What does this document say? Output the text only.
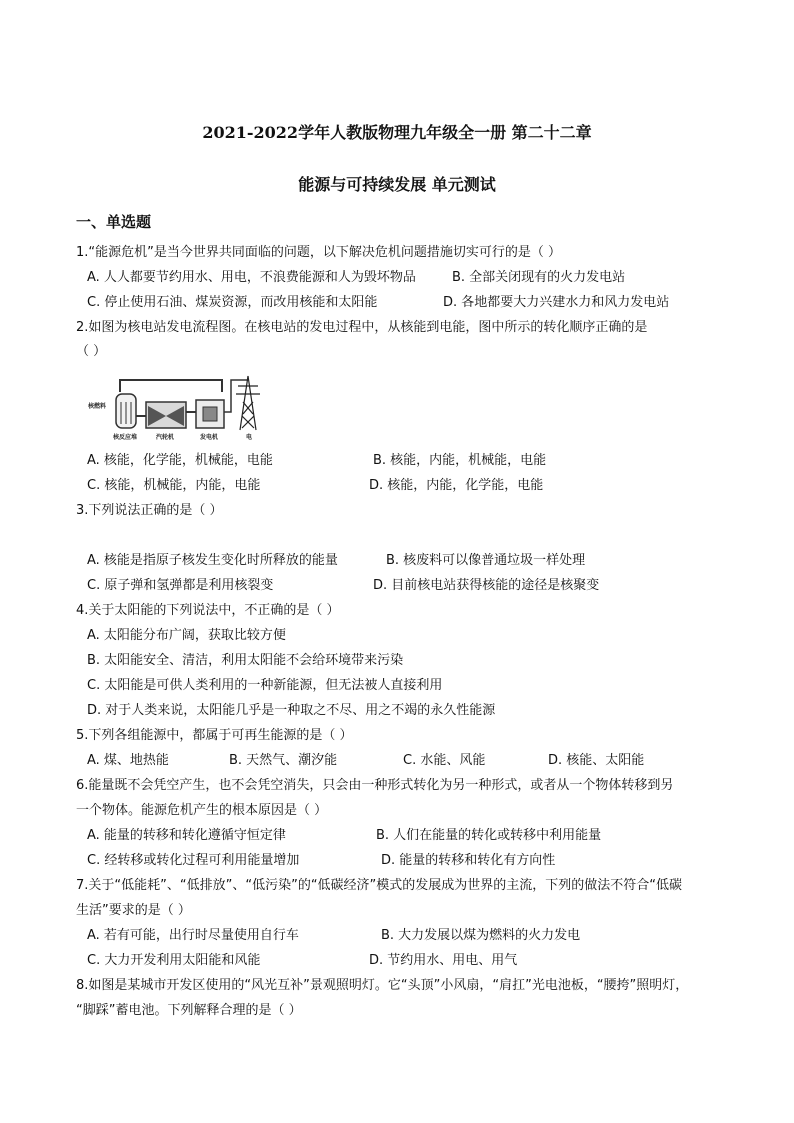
2021-2022学年人教版物理九年级全一册 第二十二章
能源与可持续发展 单元测试
一、单选题
1.“能源危机”是当今世界共同面临的问题，以下解决危机问题措施切实可行的是（ ）
A. 人人都要节约用水、用电，不浪费能源和人为毁坏物品	B. 全部关闭现有的火力发电站
C. 停止使用石油、煤炭资源，而改用核能和太阳能	D. 各地都要大力兴建水力和风力发电站
2.如图为核电站发电流程图。在核电站的发电过程中，从核能到电能，图中所示的转化顺序正确的是
（ ）
核燃料
核反应堆	汽轮机	发电机	电
A. 核能，化学能，机械能，电能	B. 核能，内能，机械能，电能
C. 核能，机械能，内能，电能	D. 核能，内能，化学能，电能
3.下列说法正确的是（ ）
A. 核能是指原子核发生变化时所释放的能量	B. 核废料可以像普通垃圾一样处理
C. 原子弹和氢弹都是利用核裂变	D. 目前核电站获得核能的途径是核聚变
4.关于太阳能的下列说法中，不正确的是（ ）
A. 太阳能分布广阔，获取比较方便
B. 太阳能安全、清洁，利用太阳能不会给环境带来污染
C. 太阳能是可供人类利用的一种新能源，但无法被人直接利用
D. 对于人类来说，太阳能几乎是一种取之不尽、用之不竭的永久性能源
5.下列各组能源中，都属于可再生能源的是（ ）
A. 煤、地热能	B. 天然气、潮汐能	C. 水能、风能	D. 核能、太阳能
6.能量既不会凭空产生，也不会凭空消失，只会由一种形式转化为另一种形式，或者从一个物体转移到另
一个物体。能源危机产生的根本原因是（ ）
A. 能量的转移和转化遵循守恒定律	B. 人们在能量的转化或转移中利用能量
C. 经转移或转化过程可利用能量增加	D. 能量的转移和转化有方向性
7.关于“低能耗”、“低排放”、“低污染”的“低碳经济”模式的发展成为世界的主流，下列的做法不符合“低碳
生活”要求的是（ ）
A. 若有可能，出行时尽量使用自行车	B. 大力发展以煤为燃料的火力发电
C. 大力开发利用太阳能和风能	D. 节约用水、用电、用气
8.如图是某城市开发区使用的“风光互补”景观照明灯。它“头顶”小风扇，“肩扛”光电池板，“腰挎”照明灯，
“脚踩”蓄电池。下列解释合理的是（ ）
